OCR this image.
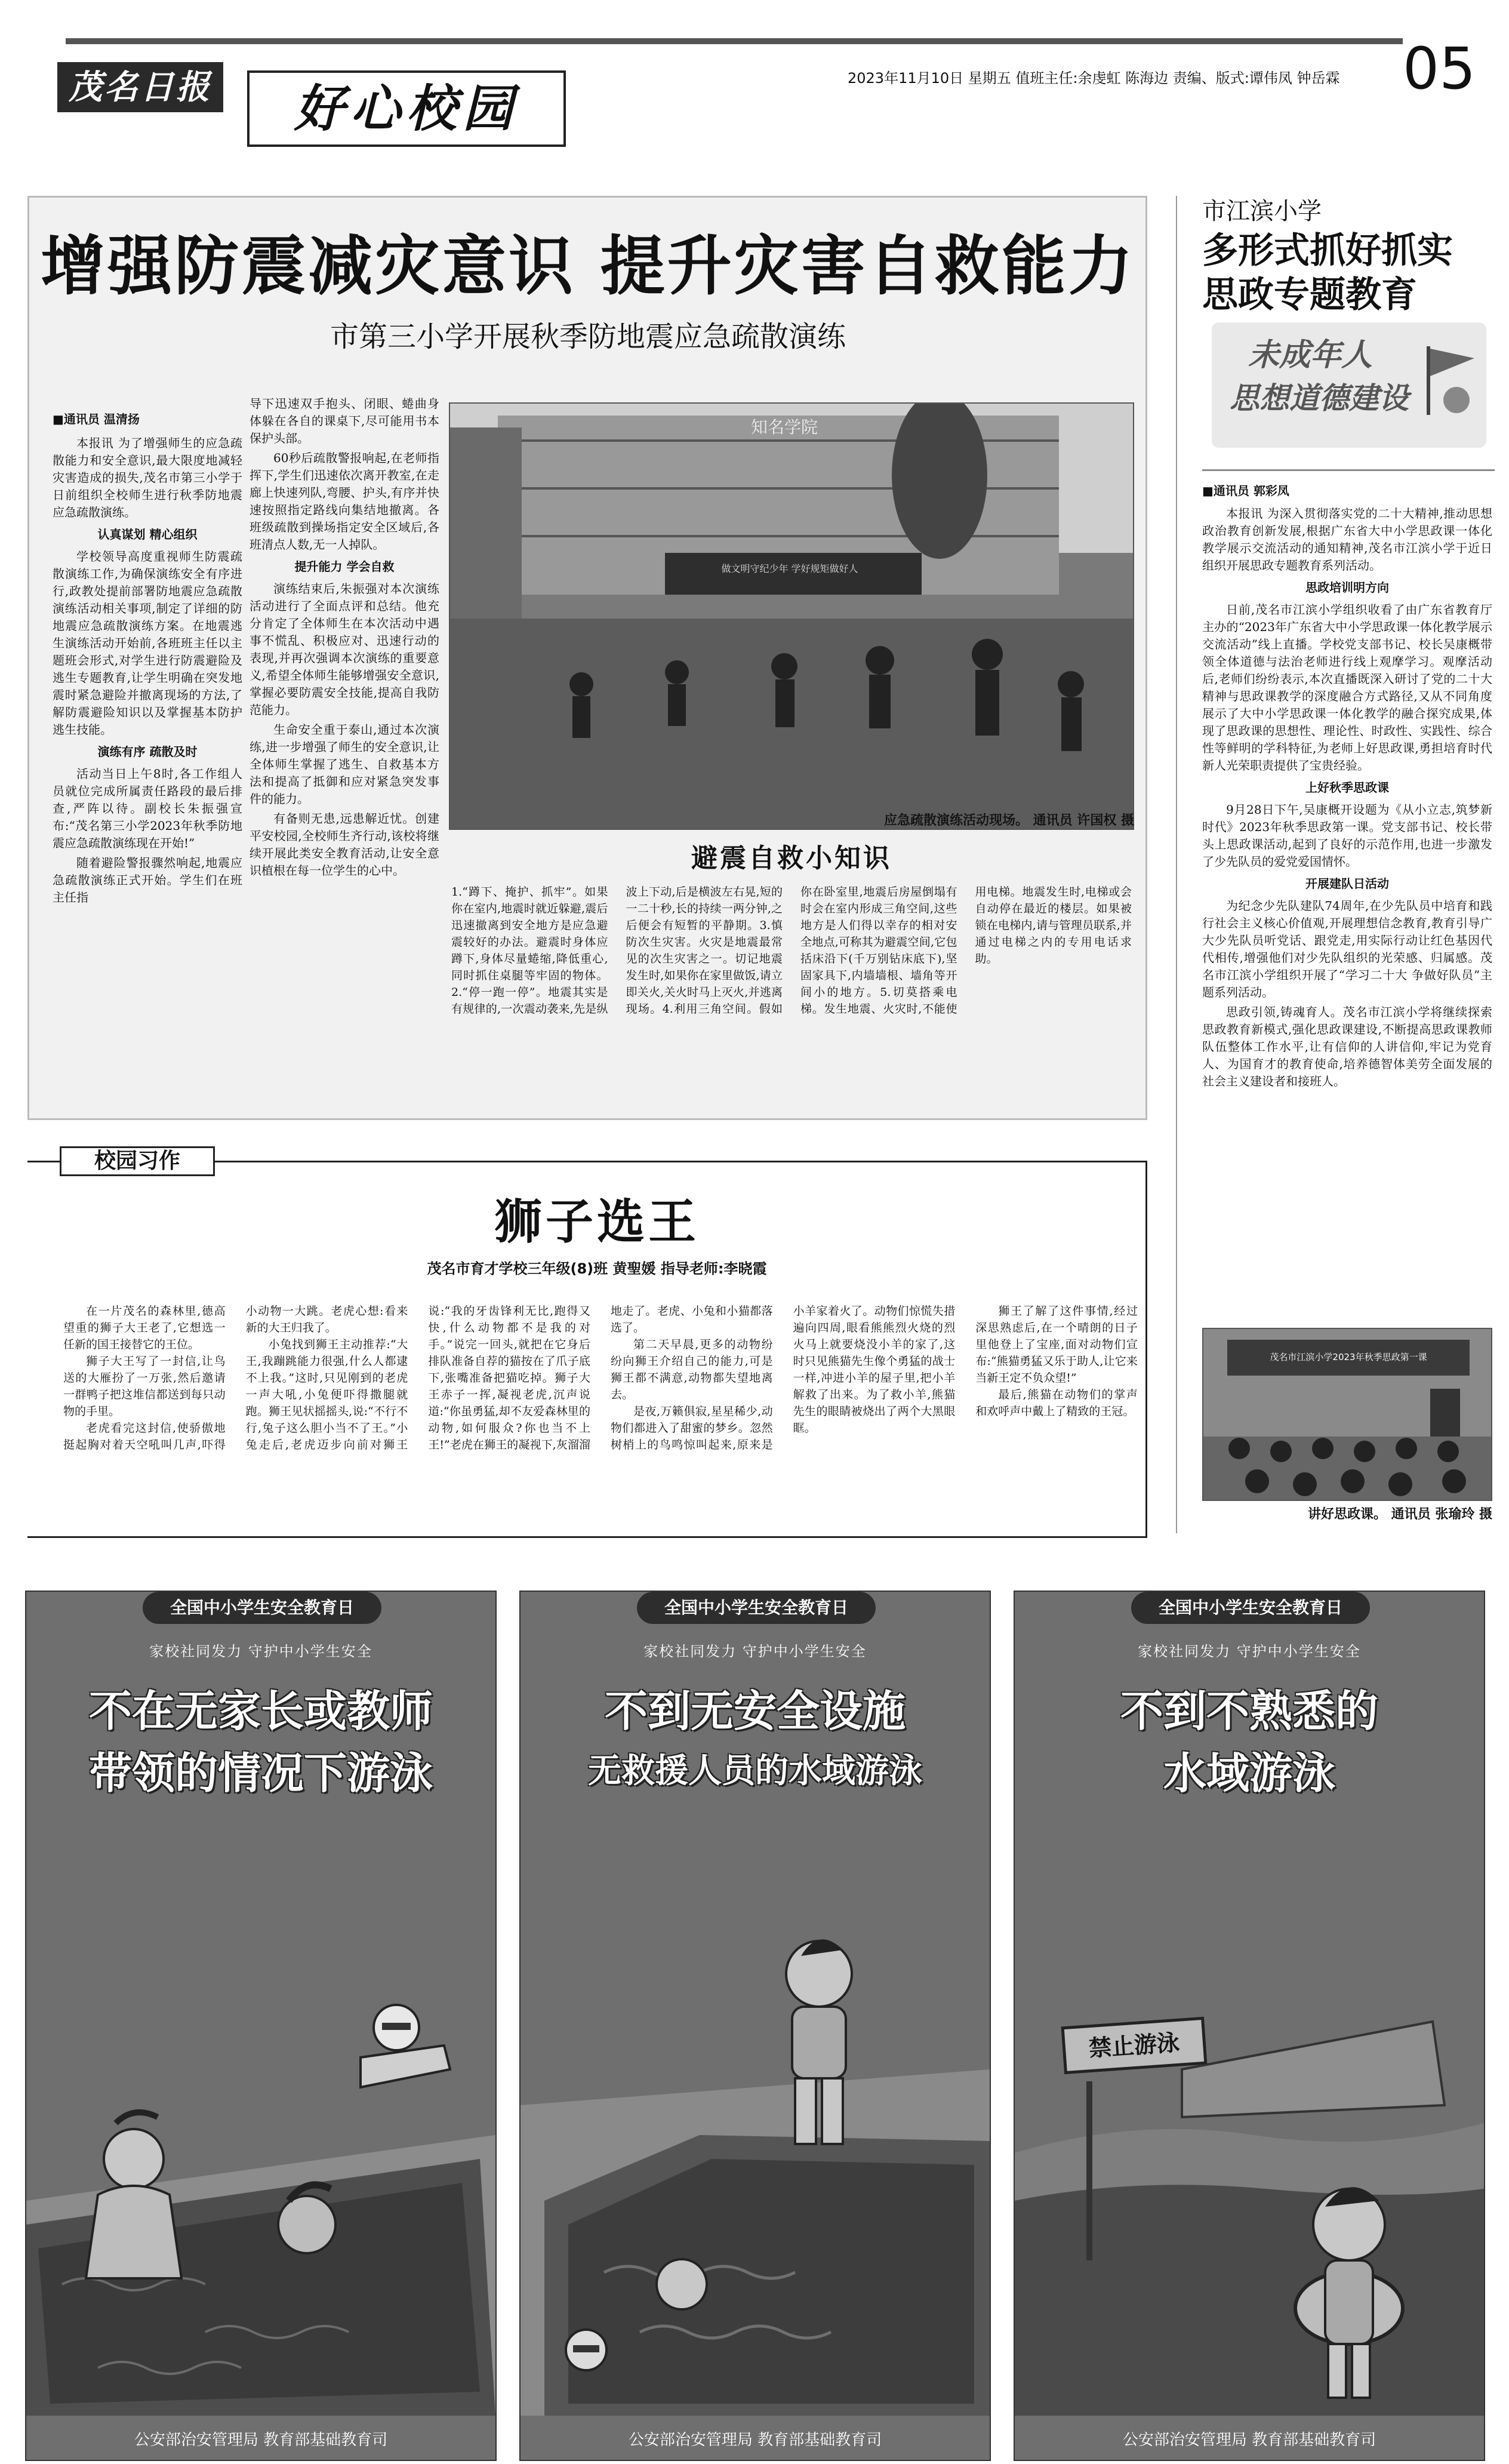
茂名日报	好心校园
2023年11月10日 星期五 值班主任:余虔虹 陈海边 责编、版式:谭伟凤 钟岳霖	05
增强防震减灾意识 提升灾害自救能力
市第三小学开展秋季防地震应急疏散演练
■通讯员 温清扬

本报讯 为了增强师生的应急疏散能力和安全意识,最大限度地减轻灾害造成的损失,茂名市第三小学于日前组织全校师生进行秋季防地震应急疏散演练。

认真谋划 精心组织

学校领导高度重视师生防震疏散演练工作,为确保演练安全有序进行,政教处提前部署防地震应急疏散演练活动相关事项,制定了详细的防地震应急疏散演练方案。在地震逃生演练活动开始前,各班班主任以主题班会形式,对学生进行防震避险及逃生专题教育,让学生明确在突发地震时紧急避险并撤离现场的方法,了解防震避险知识以及掌握基本防护逃生技能。

演练有序 疏散及时

活动当日上午8时,各工作组人员就位完成所属责任路段的最后排查,严阵以待。副校长朱振强宣布:“茂名第三小学2023年秋季防地震应急疏散演练现在开始!”

随着避险警报骤然响起,地震应急疏散演练正式开始。学生们在班主任指

导下迅速双手抱头、闭眼、蜷曲身体躲在各自的课桌下,尽可能用书本保护头部。

60秒后疏散警报响起,在老师指挥下,学生们迅速依次离开教室,在走廊上快速列队,弯腰、护头,有序并快速按照指定路线向集结地撤离。各班级疏散到操场指定安全区域后,各班清点人数,无一人掉队。

提升能力 学会自救

演练结束后,朱振强对本次演练活动进行了全面点评和总结。他充分肯定了全体师生在本次活动中遇事不慌乱、积极应对、迅速行动的表现,并再次强调本次演练的重要意义,希望全体师生能够增强安全意识,掌握必要防震安全技能,提高自我防范能力。

生命安全重于泰山,通过本次演练,进一步增强了师生的安全意识,让全体师生掌握了逃生、自救基本方法和提高了抵御和应对紧急突发事件的能力。

有备则无患,远患解近忧。创建平安校园,全校师生齐行动,该校将继续开展此类安全教育活动,让安全意识植根在每一位学生的心中。

知名学院
做文明守纪少年 学好规矩做好人
应急疏散演练活动现场。 通讯员 许国权 摄
避震自救小知识
1.“蹲下、掩护、抓牢”。如果你在室内,地震时就近躲避,震后迅速撤离到安全地方是应急避震较好的办法。避震时身体应蹲下,身体尽量蜷缩,降低重心,同时抓住桌腿等牢固的物体。2.“停一跑一停”。地震其实是有规律的,一次震动袭来,先是纵波上下动,后是横波左右晃,短的一二十秒,长的持续一两分钟,之后便会有短暂的平静期。3.慎防次生灾害。火灾是地震最常见的次生灾害之一。切记地震发生时,如果你在家里做饭,请立即关火,关火时马上灭火,并逃离现场。4.利用三角空间。假如你在卧室里,地震后房屋倒塌有时会在室内形成三角空间,这些地方是人们得以幸存的相对安全地点,可称其为避震空间,它包括床沿下(千万别钻床底下),坚固家具下,内墙墙根、墙角等开间小的地方。5.切莫搭乘电梯。发生地震、火灾时,不能使用电梯。地震发生时,电梯或会自动停在最近的楼层。如果被锁在电梯内,请与管理员联系,并通过电梯之内的专用电话求助。
市江滨小学
多形式抓好抓实
思政专题教育
未成年人
思想道德建设
■通讯员 郭彩凤

本报讯 为深入贯彻落实党的二十大精神,推动思想政治教育创新发展,根据广东省大中小学思政课一体化教学展示交流活动的通知精神,茂名市江滨小学于近日组织开展思政专题教育系列活动。

思政培训明方向

日前,茂名市江滨小学组织收看了由广东省教育厅主办的“2023年广东省大中小学思政课一体化教学展示交流活动”线上直播。学校党支部书记、校长吴康概带领全体道德与法治老师进行线上观摩学习。观摩活动后,老师们纷纷表示,本次直播既深入研讨了党的二十大精神与思政课教学的深度融合方式路径,又从不同角度展示了大中小学思政课一体化教学的融合探究成果,体现了思政课的思想性、理论性、时政性、实践性、综合性等鲜明的学科特征,为老师上好思政课,勇担培育时代新人光荣职责提供了宝贵经验。

上好秋季思政课

9月28日下午,吴康概开设题为《从小立志,筑梦新时代》2023年秋季思政第一课。党支部书记、校长带头上思政课活动,起到了良好的示范作用,也进一步激发了少先队员的爱党爱国情怀。

开展建队日活动

为纪念少先队建队74周年,在少先队员中培育和践行社会主义核心价值观,开展理想信念教育,教育引导广大少先队员听党话、跟党走,用实际行动让红色基因代代相传,增强他们对少先队组织的光荣感、归属感。茂名市江滨小学组织开展了“学习二十大 争做好队员”主题系列活动。

思政引领,铸魂育人。茂名市江滨小学将继续探索思政教育新模式,强化思政课建设,不断提高思政课教师队伍整体工作水平,让有信仰的人讲信仰,牢记为党育人、为国育才的教育使命,培养德智体美劳全面发展的社会主义建设者和接班人。

茂名市江滨小学2023年秋季思政第一课
讲好思政课。 通讯员 张瑜玲 摄
校园习作
狮子选王
茂名市育才学校三年级(8)班 黄聖媛 指导老师:李晓霞

在一片茂名的森林里,德高望重的狮子大王老了,它想选一任新的国王接替它的王位。

狮子大王写了一封信,让鸟送的大雁扮了一万张,然后邀请一群鸭子把这堆信都送到每只动物的手里。

老虎看完这封信,使骄傲地挺起胸对着天空吼叫几声,吓得小动物一大跳。老虎心想:看来新的大王归我了。

小兔找到狮王主动推荐:“大王,我蹦跳能力很强,什么人都逮不上我。”这时,只见刚到的老虎一声大吼,小兔便吓得撒腿就跑。狮王见状摇摇头,说:“不行不行,兔子这么胆小当不了王。”小兔走后,老虎迈步向前对狮王说:“我的牙齿锋利无比,跑得又快,什么动物都不是我的对手。”说完一回头,就把在它身后排队准备自荐的猫按在了爪子底下,张嘴准备把猫吃掉。狮子大王赤子一挥,凝视老虎,沉声说道:“你虽勇猛,却不友爱森林里的动物,如何服众?你也当不上王!”老虎在狮王的凝视下,灰溜溜地走了。老虎、小兔和小猫都落选了。

第二天早晨,更多的动物纷纷向狮王介绍自己的能力,可是狮王都不满意,动物都失望地离去。

是夜,万籁俱寂,星星稀少,动物们都进入了甜蜜的梦乡。忽然树梢上的鸟鸣惊叫起来,原来是小羊家着火了。动物们惊慌失措遍向四周,眼看熊熊烈火烧的烈火马上就要烧没小羊的家了,这时只见熊猫先生像个勇猛的战士一样,冲进小羊的屋子里,把小羊解救了出来。为了救小羊,熊猫先生的眼睛被烧出了两个大黑眼眶。

狮王了解了这件事情,经过深思熟虑后,在一个晴朗的日子里他登上了宝座,面对动物们宣布:“熊猫勇猛又乐于助人,让它来当新王定不负众望!”

最后,熊猫在动物们的掌声和欢呼声中戴上了精致的王冠。

全国中小学生安全教育日
家校社同发力 守护中小学生安全
不在无家长或教师
带领的情况下游泳
公安部治安管理局 教育部基础教育司
全国中小学生安全教育日
家校社同发力 守护中小学生安全
不到无安全设施
无救援人员的水域游泳
公安部治安管理局 教育部基础教育司
全国中小学生安全教育日
家校社同发力 守护中小学生安全
不到不熟悉的
水域游泳
禁止游泳
公安部治安管理局 教育部基础教育司
